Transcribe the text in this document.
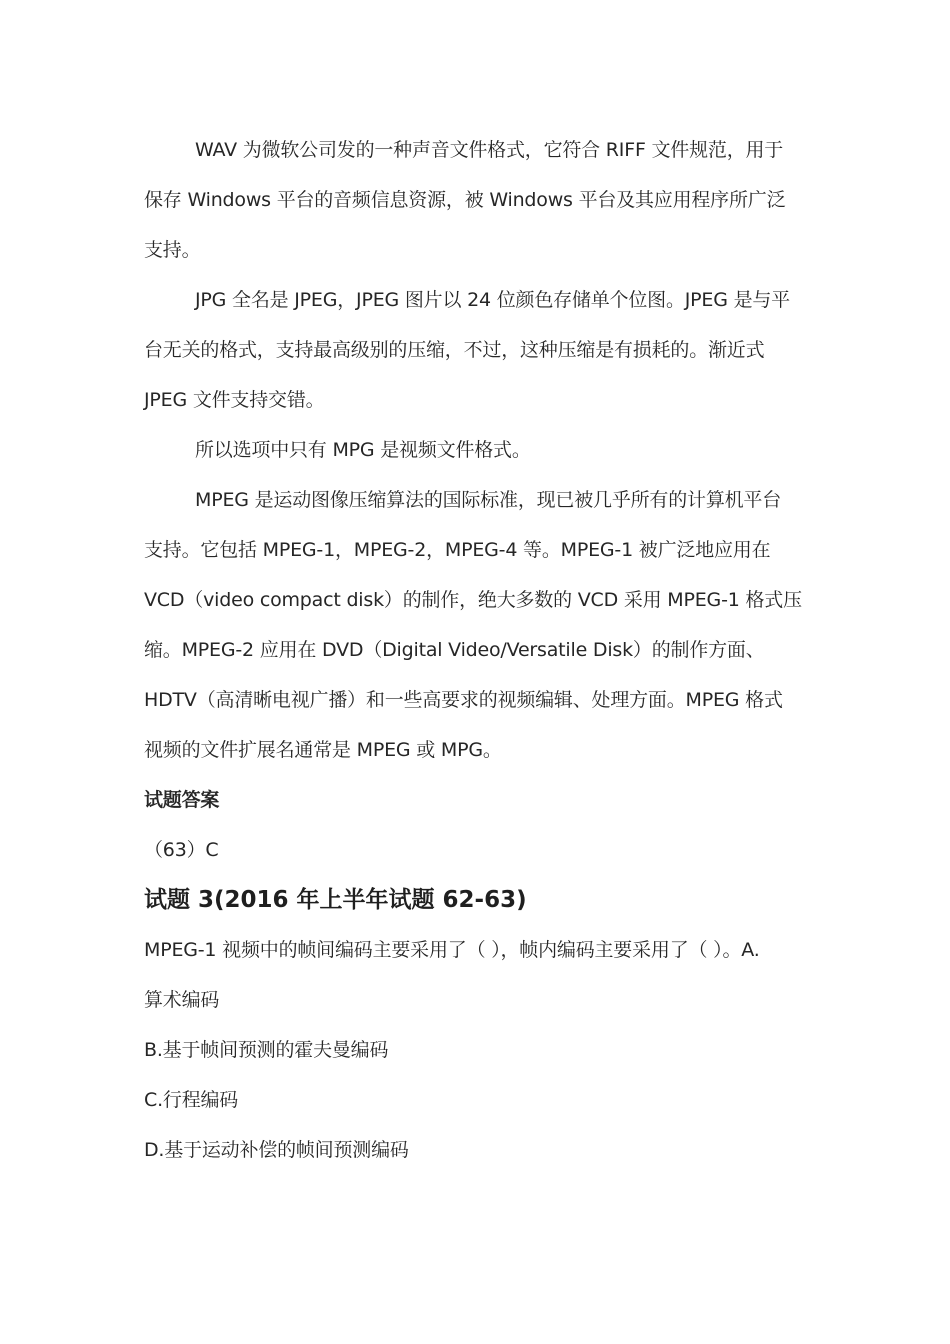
WAV 为微软公司发的一种声音文件格式，它符合 RIFF 文件规范，用于
保存 Windows 平台的音频信息资源，被 Windows 平台及其应用程序所广泛
支持。
JPG 全名是 JPEG，JPEG 图片以 24 位颜色存储单个位图。JPEG 是与平
台无关的格式，支持最高级别的压缩，不过，这种压缩是有损耗的。渐近式
JPEG 文件支持交错。
所以选项中只有 MPG 是视频文件格式。
MPEG 是运动图像压缩算法的国际标准，现已被几乎所有的计算机平台
支持。它包括 MPEG-1，MPEG-2，MPEG-4 等。MPEG-1 被广泛地应用在
VCD（video compact disk）的制作，绝大多数的 VCD 采用 MPEG-1 格式压
缩。MPEG-2 应用在 DVD（Digital Video/Versatile Disk）的制作方面、
HDTV（高清晰电视广播）和一些高要求的视频编辑、处理方面。MPEG 格式
视频的文件扩展名通常是 MPEG 或 MPG。
试题答案
（63）C
试题 3(2016 年上半年试题 62-63)
MPEG-1 视频中的帧间编码主要采用了（ ），帧内编码主要采用了（ ）。A.
算术编码
B.基于帧间预测的霍夫曼编码
C.行程编码
D.基于运动补偿的帧间预测编码
